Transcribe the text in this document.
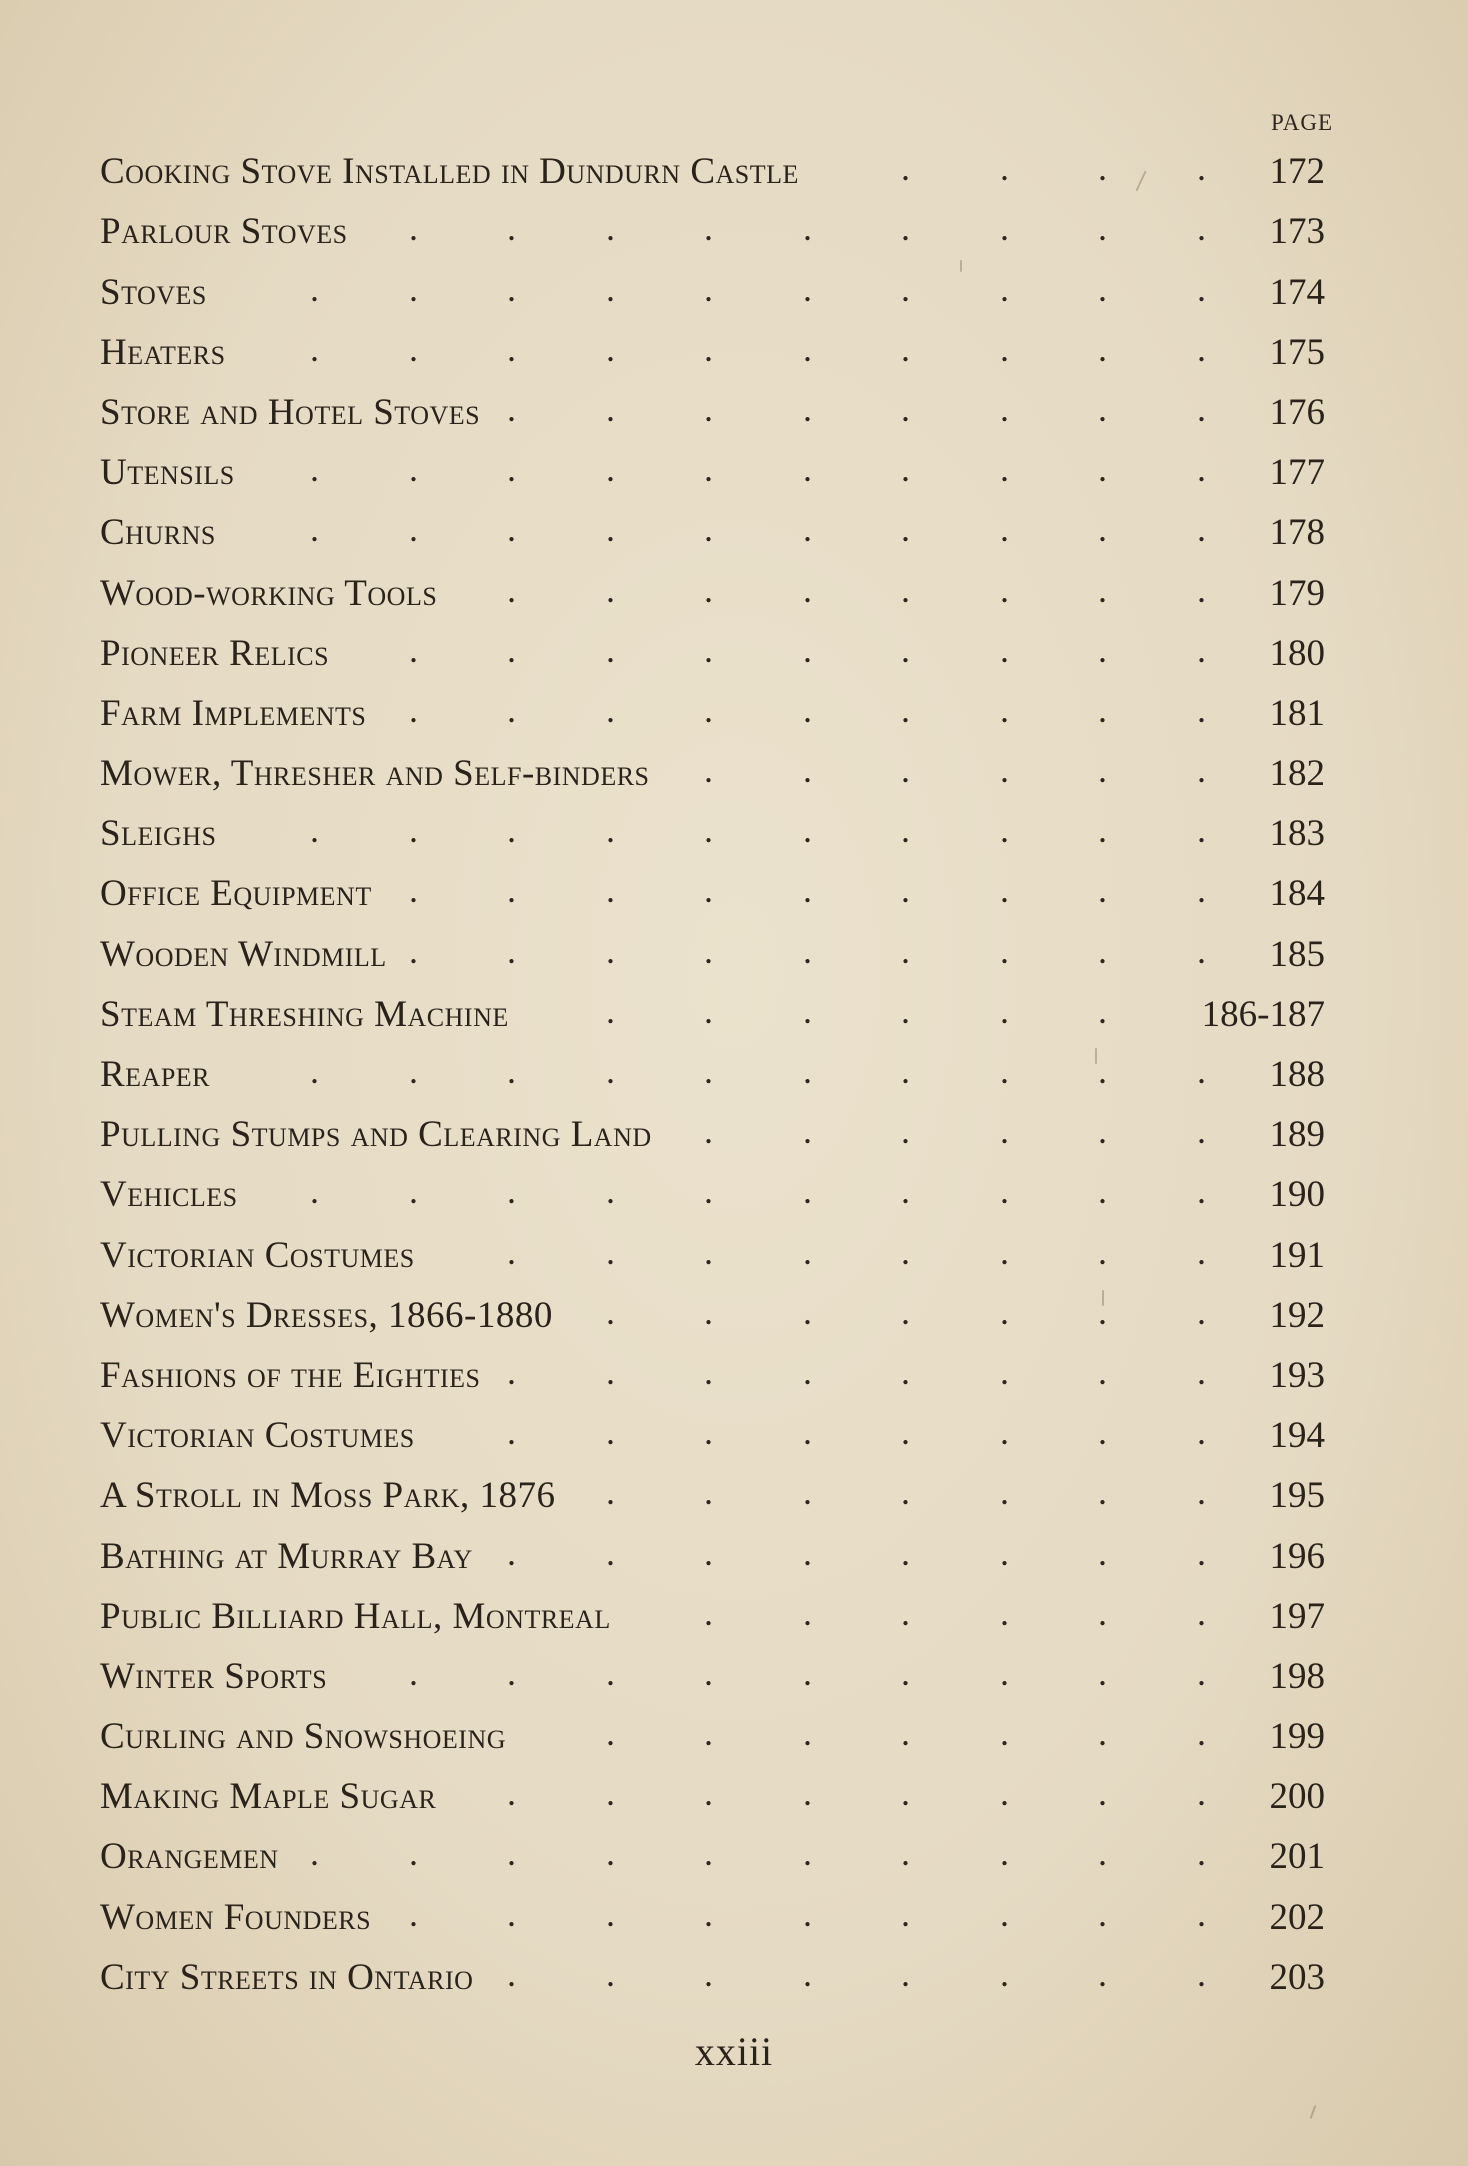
PAGE
Cooking Stove Installed in Dundurn Castle	172
.	. .	.
Parlour Stoves	173
. .	. .	. .	. .	.
Stoves	174
.	. .	. .	. .	. .	.
Heaters	175
.	. .	. .	. .	. .	.
Store and Hotel Stoves	176
.	. .	. .	. .	.
Utensils	177
.	. .	. .	. .	. .	.
Churns	178
.	. .	. .	. .	. .	.
Wood-working Tools	179
.	. .	. .	. .	.
Pioneer Relics	180
. .	. .	. .	. .	.
Farm Implements	181
. .	. .	. .	. .	.
Mower, Thresher and Self-binders	182
.	. .	. .	.
Sleighs	183
.	. .	. .	. .	. .	.
Office Equipment	184
. .	. .	. .	. .	.
Wooden Windmill	185
. .	. .	. .	. .	.
Steam Threshing Machine	186-187
. .	. .	. .
Reaper	188
.	. .	. .	. .	. .	.
Pulling Stumps and Clearing Land	189
.	. .	. .	.
Vehicles	190
.	. .	. .	. .	. .	.
Victorian Costumes	191
.	. .	. .	. .	.
Women's Dresses, 1866-1880	192
. .	. .	. .	.
Fashions of the Eighties	193
.	. .	. .	. .	.
Victorian Costumes	194
.	. .	. .	. .	.
A Stroll in Moss Park, 1876	195
. .	. .	. .	.
Bathing at Murray Bay	196
.	. .	. .	. .	.
Public Billiard Hall, Montreal	197
.	. .	. .	.
Winter Sports	198
. .	. .	. .	. .	.
Curling and Snowshoeing	199
. .	. .	. .	.
Making Maple Sugar	200
.	. .	. .	. .	.
Orangemen	201
.	. .	. .	. .	. .	.
Women Founders	202
. .	. .	. .	. .	.
City Streets in Ontario	203
.	. .	. .	. .	.
xxiii
